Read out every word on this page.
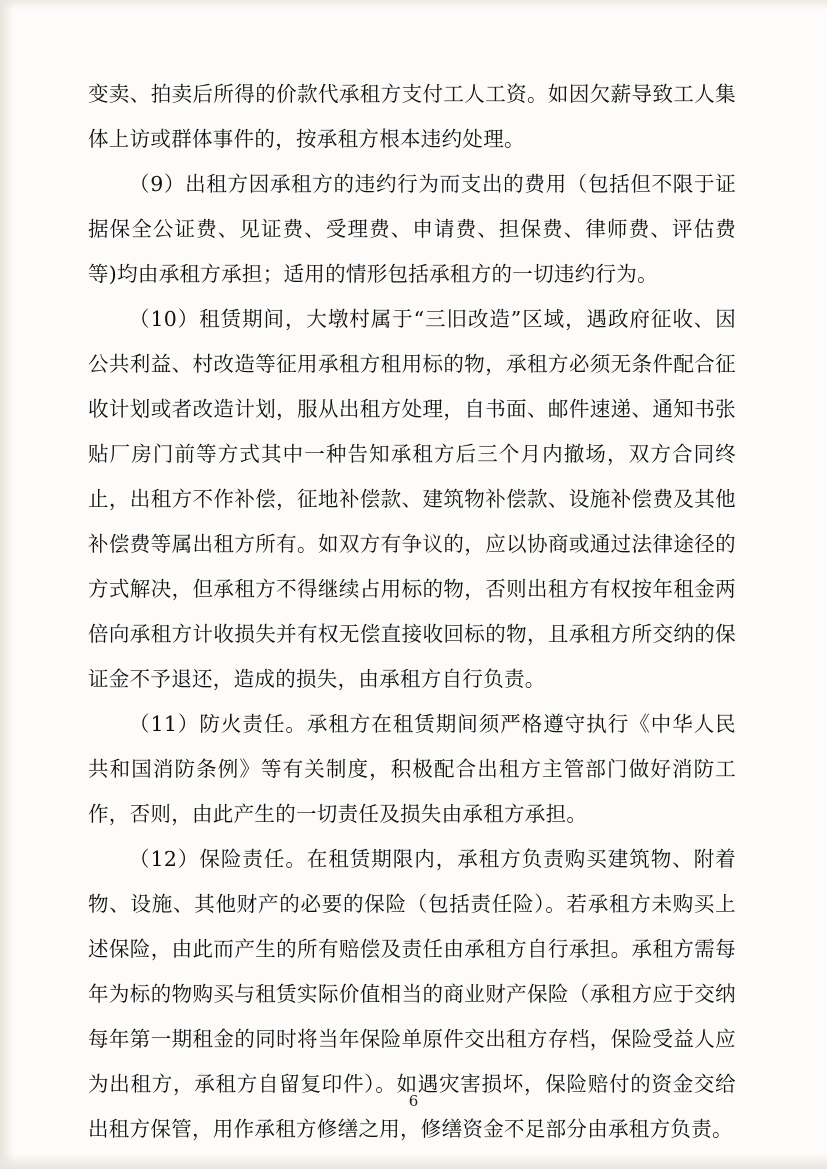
变卖、拍卖后所得的价款代承租方支付工人工资。如因欠薪导致工人集体上访或群体事件的，按承租方根本违约处理。

（9）出租方因承租方的违约行为而支出的费用（包括但不限于证据保全公证费、见证费、受理费、申请费、担保费、律师费、评估费等)均由承租方承担；适用的情形包括承租方的一切违约行为。

（10）租赁期间，大墩村属于“三旧改造”区域，遇政府征收、因公共利益、村改造等征用承租方租用标的物，承租方必须无条件配合征收计划或者改造计划，服从出租方处理，自书面、邮件速递、通知书张贴厂房门前等方式其中一种告知承租方后三个月内撤场，双方合同终止，出租方不作补偿，征地补偿款、建筑物补偿款、设施补偿费及其他补偿费等属出租方所有。如双方有争议的，应以协商或通过法律途径的方式解决，但承租方不得继续占用标的物，否则出租方有权按年租金两倍向承租方计收损失并有权无偿直接收回标的物，且承租方所交纳的保证金不予退还，造成的损失，由承租方自行负责。

（11）防火责任。承租方在租赁期间须严格遵守执行《中华人民共和国消防条例》等有关制度，积极配合出租方主管部门做好消防工作，否则，由此产生的一切责任及损失由承租方承担。

（12）保险责任。在租赁期限内，承租方负责购买建筑物、附着物、设施、其他财产的必要的保险（包括责任险）。若承租方未购买上述保险，由此而产生的所有赔偿及责任由承租方自行承担。承租方需每年为标的物购买与租赁实际价值相当的商业财产保险（承租方应于交纳每年第一期租金的同时将当年保险单原件交出租方存档，保险受益人应为出租方，承租方自留复印件）。如遇灾害损坏，保险赔付的资金交给出租方保管，用作承租方修缮之用，修缮资金不足部分由承租方负责。

6
